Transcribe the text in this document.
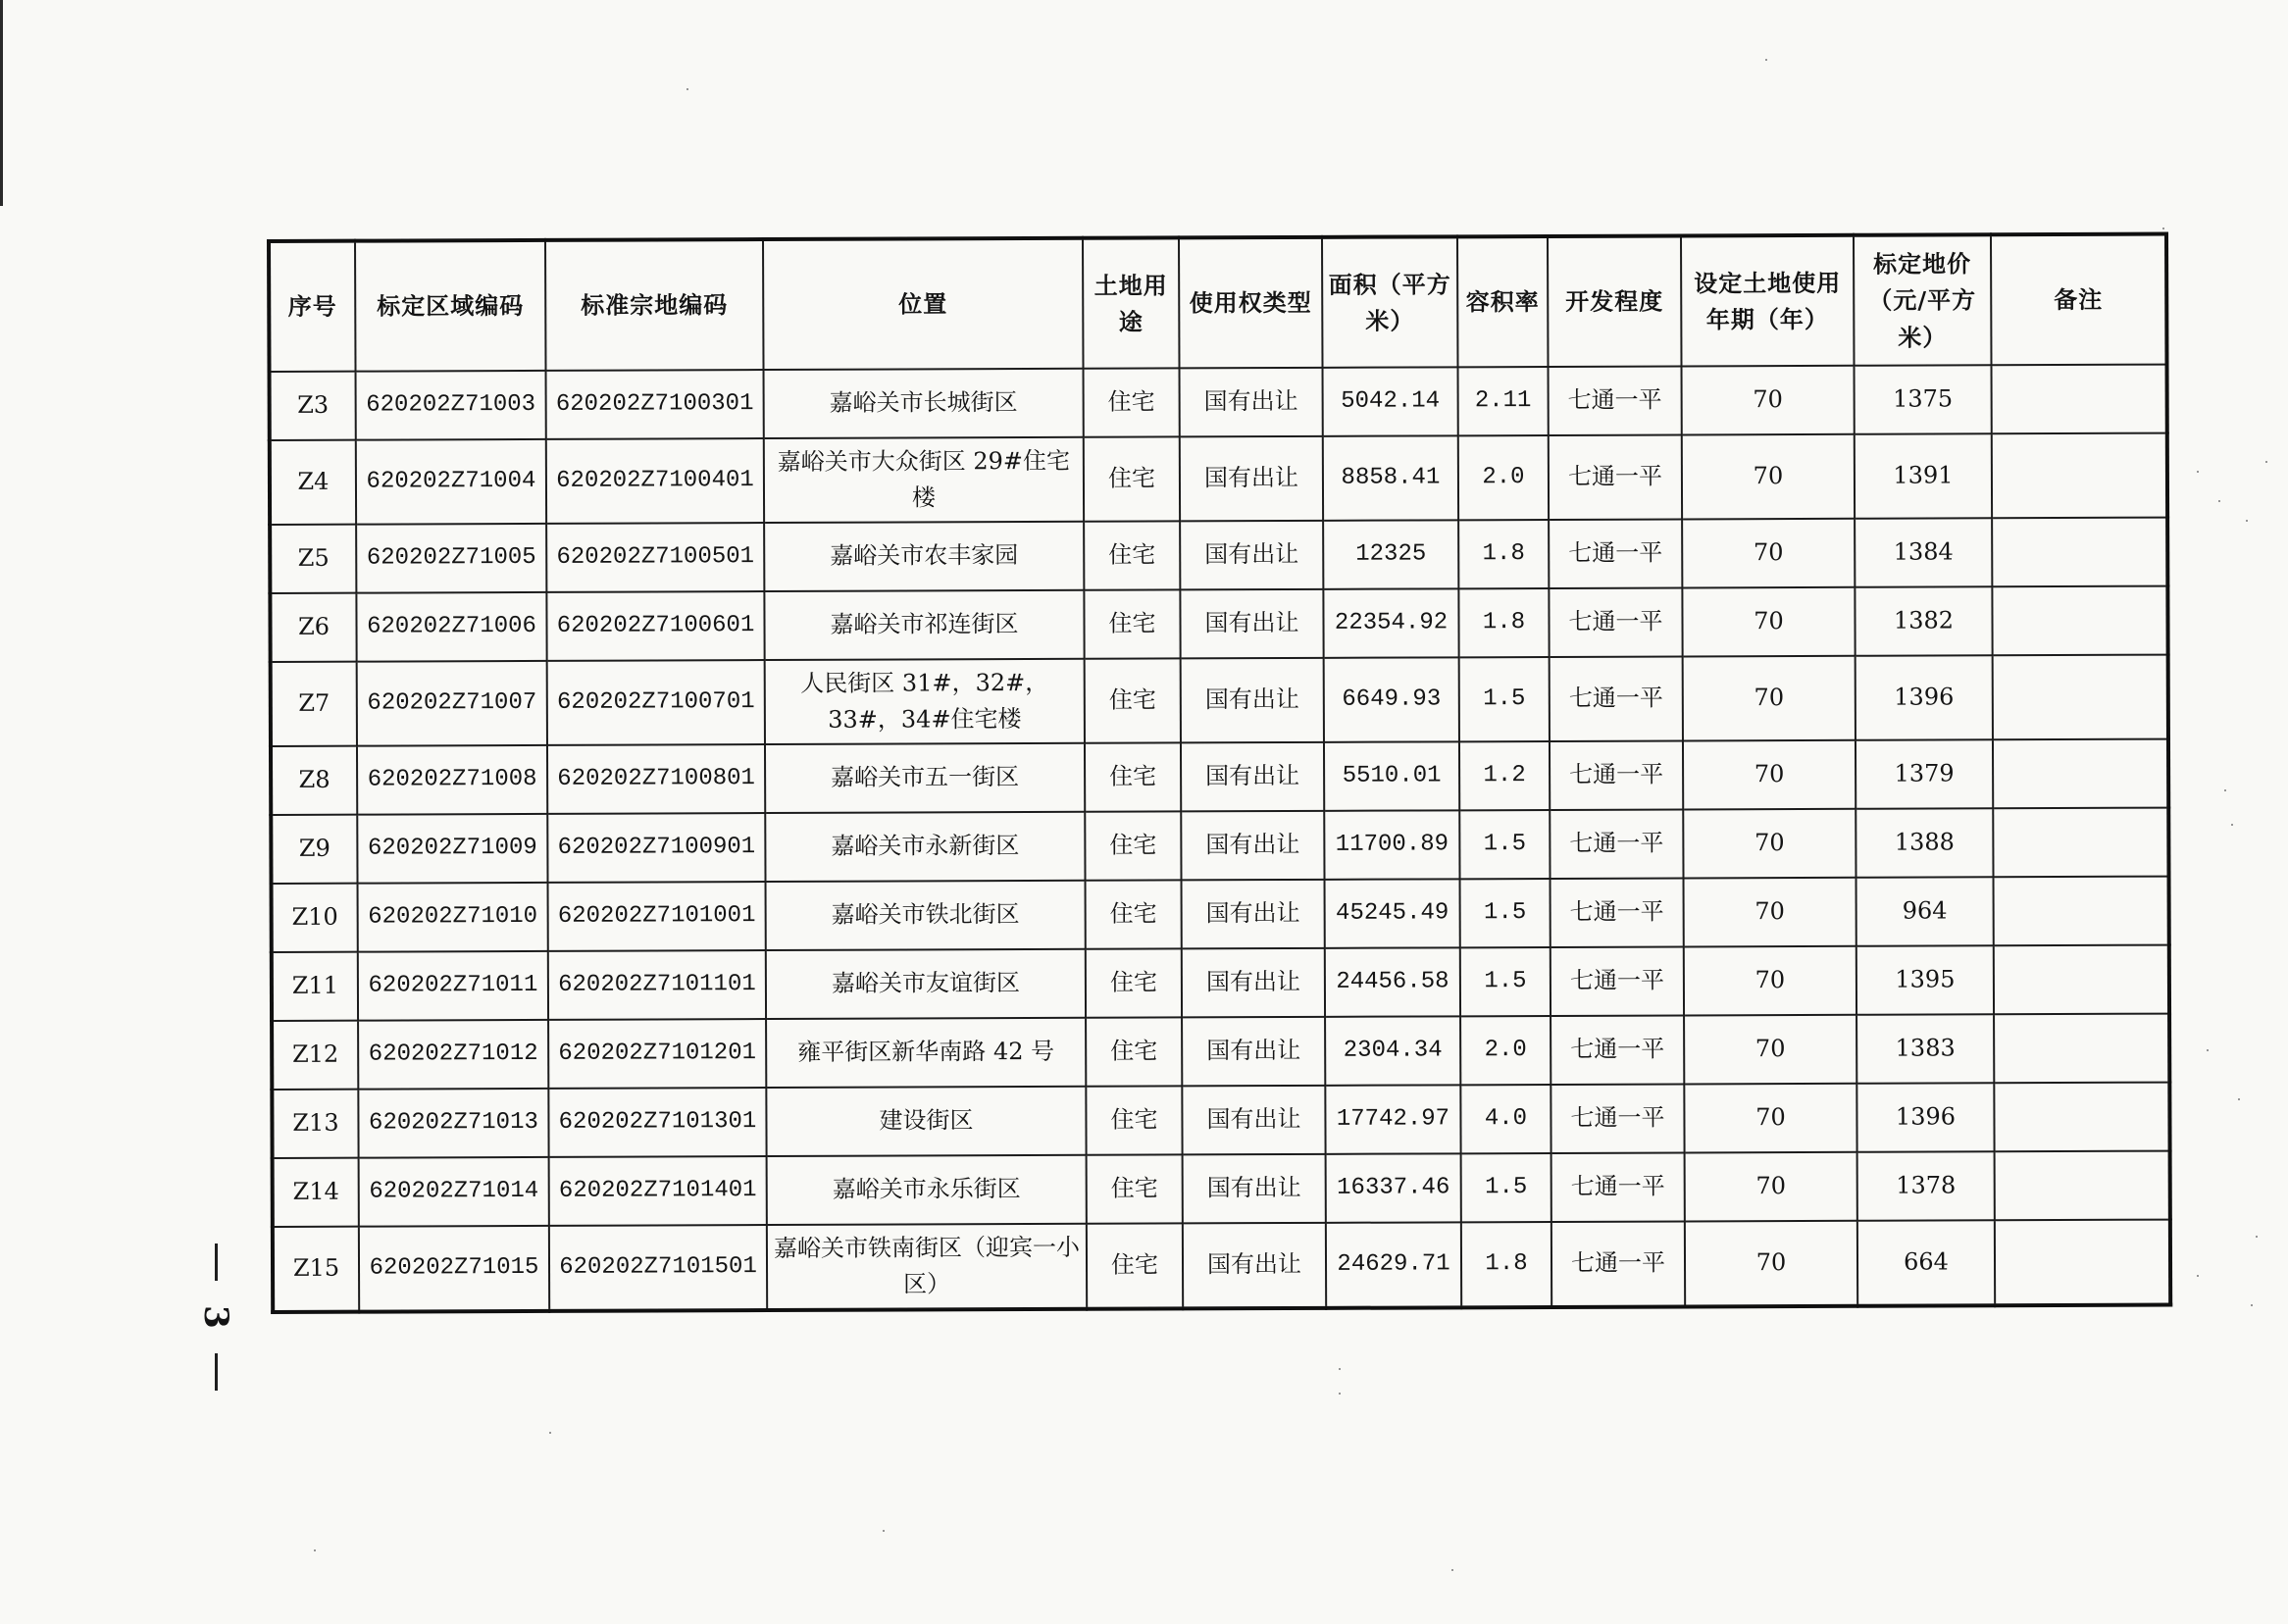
序号	标定区域编码	标准宗地编码	位置	土地用途	使用权类型	面积（平方米）	容积率	开发程度	设定土地使用年期（年）	标定地价（元/平方米）	备注
Z3	620202Z71003	620202Z7100301	嘉峪关市长城街区	住宅	国有出让	5042.14	2.11	七通一平	70	1375	
Z4	620202Z71004	620202Z7100401	嘉峪关市大众街区 29#住宅楼	住宅	国有出让	8858.41	2.0	七通一平	70	1391	
Z5	620202Z71005	620202Z7100501	嘉峪关市农丰家园	住宅	国有出让	12325	1.8	七通一平	70	1384	
Z6	620202Z71006	620202Z7100601	嘉峪关市祁连街区	住宅	国有出让	22354.92	1.8	七通一平	70	1382	
Z7	620202Z71007	620202Z7100701	人民街区 31#，32#，33#，34#住宅楼	住宅	国有出让	6649.93	1.5	七通一平	70	1396	
Z8	620202Z71008	620202Z7100801	嘉峪关市五一街区	住宅	国有出让	5510.01	1.2	七通一平	70	1379	
Z9	620202Z71009	620202Z7100901	嘉峪关市永新街区	住宅	国有出让	11700.89	1.5	七通一平	70	1388	
Z10	620202Z71010	620202Z7101001	嘉峪关市铁北街区	住宅	国有出让	45245.49	1.5	七通一平	70	964	
Z11	620202Z71011	620202Z7101101	嘉峪关市友谊街区	住宅	国有出让	24456.58	1.5	七通一平	70	1395	
Z12	620202Z71012	620202Z7101201	雍平街区新华南路 42 号	住宅	国有出让	2304.34	2.0	七通一平	70	1383	
Z13	620202Z71013	620202Z7101301	建设街区	住宅	国有出让	17742.97	4.0	七通一平	70	1396	
Z14	620202Z71014	620202Z7101401	嘉峪关市永乐街区	住宅	国有出让	16337.46	1.5	七通一平	70	1378	
Z15	620202Z71015	620202Z7101501	嘉峪关市铁南街区（迎宾一小区）	住宅	国有出让	24629.71	1.8	七通一平	70	664	
3
